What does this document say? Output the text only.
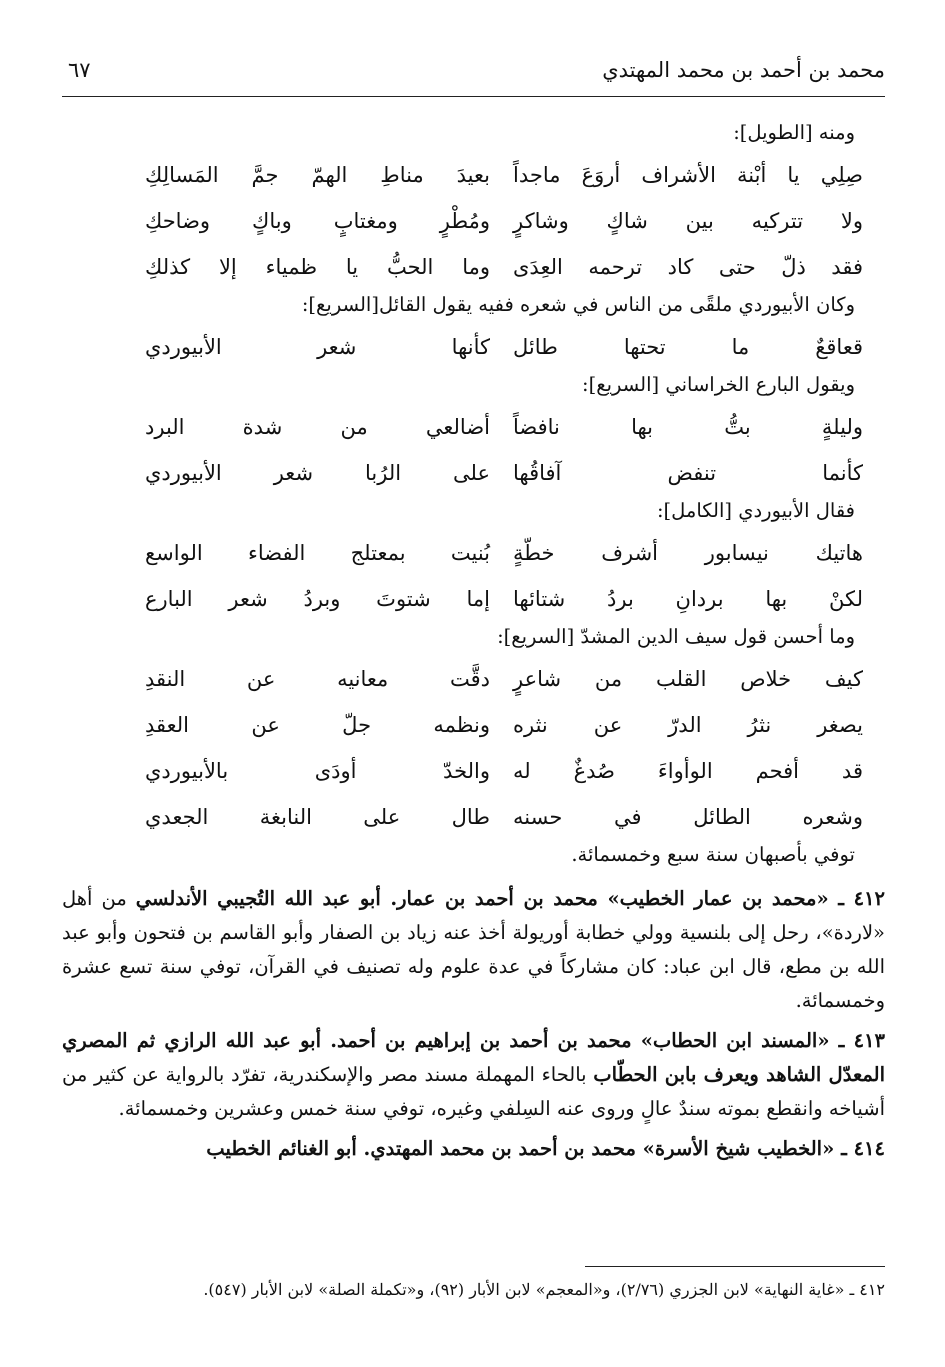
محمد بن أحمد بن محمد المهتدي
٦٧
ومنه [الطويل]:
صِلِي يا أبْنة الأشراف أروَعَ ماجداً
بعيدَ مناطِ الهمّ جمَّ المَسالِكِ
ولا تتركيه بين شاكٍ وشاكرٍ
ومُطْرٍ ومغتابٍ وباكٍ وضاحكِ
فقد ذلّ حتى كاد ترحمه العِدَى
وما الحبُّ يا ظمياء إلا كذلكِ
وكان الأبيوردي ملقًى من الناس في شعره ففيه يقول القائل[السريع]:
قعاقعٌ ما تحتها طائل
كأنها شعر الأبيوردي
ويقول البارع الخراساني [السريع]:
وليلةٍ بتُّ بها نافضاً
أضالعي من شدة البرد
كأنما تنفض آفاقُها
على الرُبا شعر الأبيوردي
فقال الأبيوردي [الكامل]:
هاتيك نيسابور أشرف خطّةٍ
بُنيت بمعتلج الفضاء الواسع
لكنْ بها بردانِ بردُ شتائها
إما شتوتَ وبردُ شعر البارع
وما أحسن قول سيف الدين المشدّ [السريع]:
كيف خلاص القلب من شاعرٍ
دقَّت معانيه عن النقدِ
يصغر نثرُ الدرّ عن نثره
ونظمه جلّ عن العقدِ
قد أفحم الوأواءَ صُدغٌ له
والخدّ أودَى بالأبيوردي
وشعره الطائل في حسنه
طال على النابغة الجعدي
توفي بأصبهان سنة سبع وخمسمائة.
٤١٢ ـ «محمد بن عمار الخطيب» محمد بن أحمد بن عمار. أبو عبد الله التُجيبي الأندلسي من أهل «لاردة»، رحل إلى بلنسية وولي خطابة أوريولة أخذ عنه زياد بن الصفار وأبو القاسم بن فتحون وأبو عبد الله بن مطع، قال ابن عباد: كان مشاركاً في عدة علوم وله تصنيف في القرآن، توفي سنة تسع عشرة وخمسمائة.
٤١٣ ـ «المسند ابن الحطاب» محمد بن أحمد بن إبراهيم بن أحمد. أبو عبد الله الرازي ثم المصري المعدّل الشاهد ويعرف بابن الحطّاب بالحاء المهملة مسند مصر والإسكندرية، تفرّد بالرواية عن كثير من أشياخه وانقطع بموته سندٌ عالٍ وروى عنه السِلفي وغيره، توفي سنة خمس وعشرين وخمسمائة.
٤١٤ ـ «الخطيب شيخ الأسرة» محمد بن أحمد بن محمد المهتدي. أبو الغنائم الخطيب
٤١٢ ـ «غاية النهاية» لابن الجزري (٢/٧٦)، و«المعجم» لابن الأبار (٩٢)، و«تكملة الصلة» لابن الأبار (٥٤٧).
